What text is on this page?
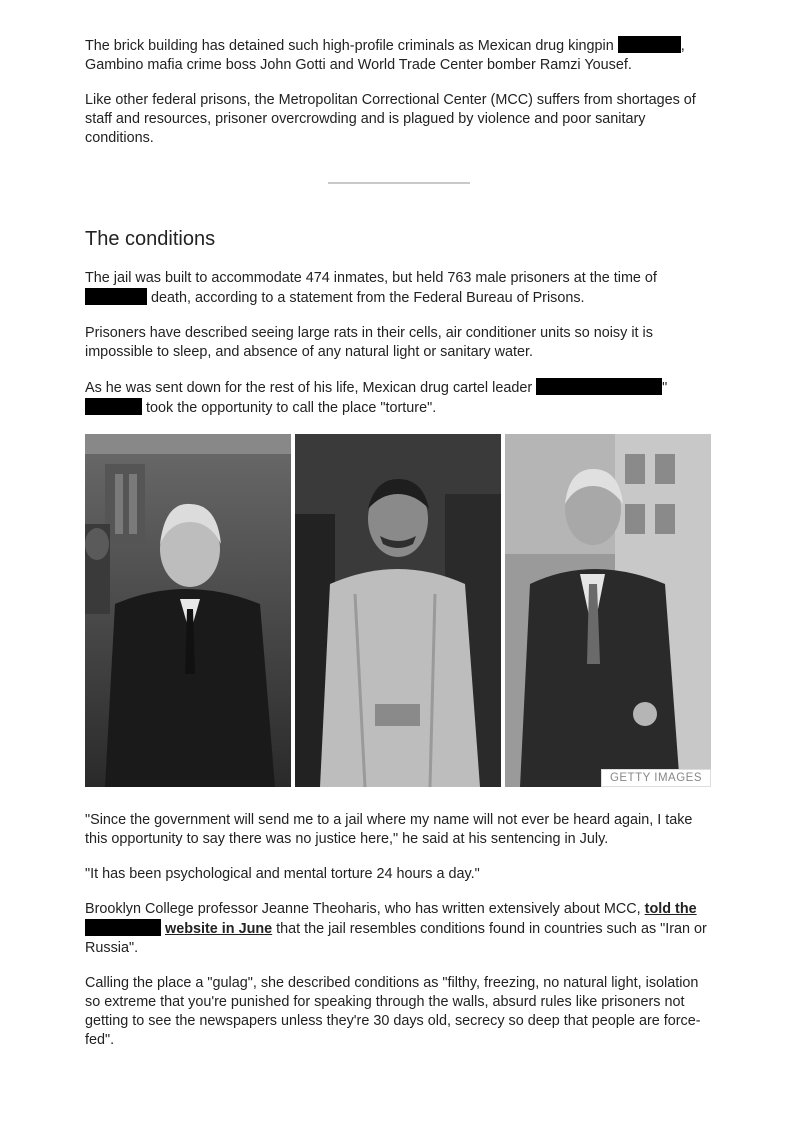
The brick building has detained such high-profile criminals as Mexican drug kingpin	, Gambino mafia crime boss John Gotti and World Trade Center bomber Ramzi Yousef.

Like other federal prisons, the Metropolitan Correctional Center (MCC) suffers from shortages of staff and resources, prisoner overcrowding and is plagued by violence and poor sanitary conditions.

The conditions

The jail was built to accommodate 474 inmates, but held 763 male prisoners at the time of  death, according to a statement from the Federal Bureau of Prisons.

Prisoners have described seeing large rats in their cells, air conditioner units so noisy it is impossible to sleep, and absence of any natural light or sanitary water.

As he was sent down for the rest of his life, Mexican drug cartel leader	"  took the opportunity to call the place "torture".

GETTY IMAGES

"Since the government will send me to a jail where my name will not ever be heard again, I take this opportunity to say there was no justice here," he said at his sentencing in July.

"It has been psychological and mental torture 24 hours a day."

Brooklyn College professor Jeanne Theoharis, who has written extensively about MCC, told the  website in June that the jail resembles conditions found in countries such as "Iran or Russia".

Calling the place a "gulag", she described conditions as "filthy, freezing, no natural light, isolation so extreme that you're punished for speaking through the walls, absurd rules like prisoners not getting to see the newspapers unless they're 30 days old, secrecy so deep that people are force-fed".
